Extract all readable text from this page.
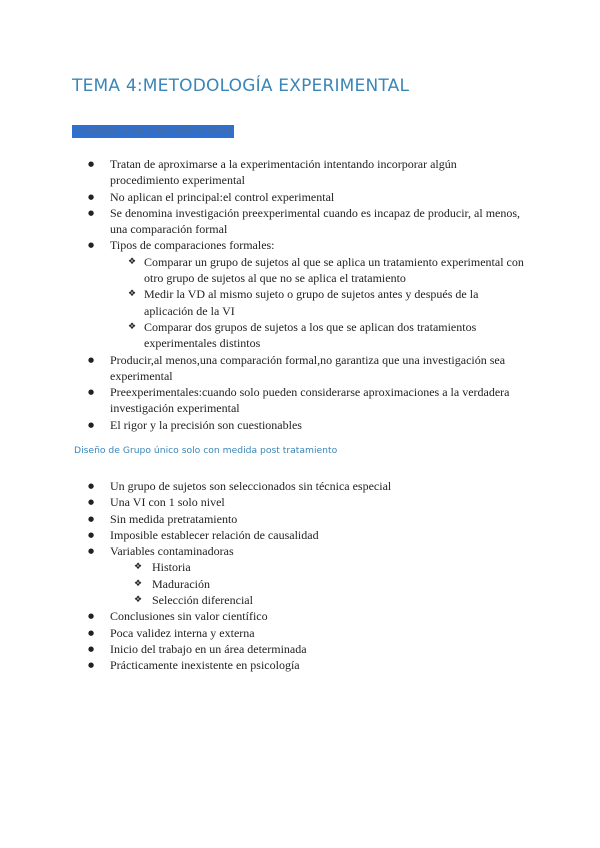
TEMA 4:METODOLOGÍA EXPERIMENTAL
Investigaciones preexperimentales
● Tratan de aproximarse a la experimentación intentando incorporar algún procedimiento experimental
● No aplican el principal:el control experimental
● Se denomina investigación preexperimental cuando es incapaz de producir, al menos, una comparación formal
● Tipos de comparaciones formales:
❖ Comparar un grupo de sujetos al que se aplica un tratamiento experimental con otro grupo de sujetos al que no se aplica el tratamiento
❖ Medir la VD al mismo sujeto o grupo de sujetos antes y después de la aplicación de la VI
❖ Comparar dos grupos de sujetos a los que se aplican dos tratamientos experimentales distintos
● Producir,al menos,una comparación formal,no garantiza que una investigación sea experimental
● Preexperimentales:cuando solo pueden considerarse aproximaciones a la verdadera investigación experimental
● El rigor y la precisión son cuestionables
Diseño de Grupo único solo con medida post tratamiento
● Un grupo de sujetos son seleccionados sin técnica especial
● Una VI con 1 solo nivel
● Sin medida pretratamiento
● Imposible establecer relación de causalidad
● Variables contaminadoras
❖ Historia
❖ Maduración
❖ Selección diferencial
● Conclusiones sin valor científico
● Poca validez interna y externa
● Inicio del trabajo en un área determinada
● Prácticamente inexistente en psicología
